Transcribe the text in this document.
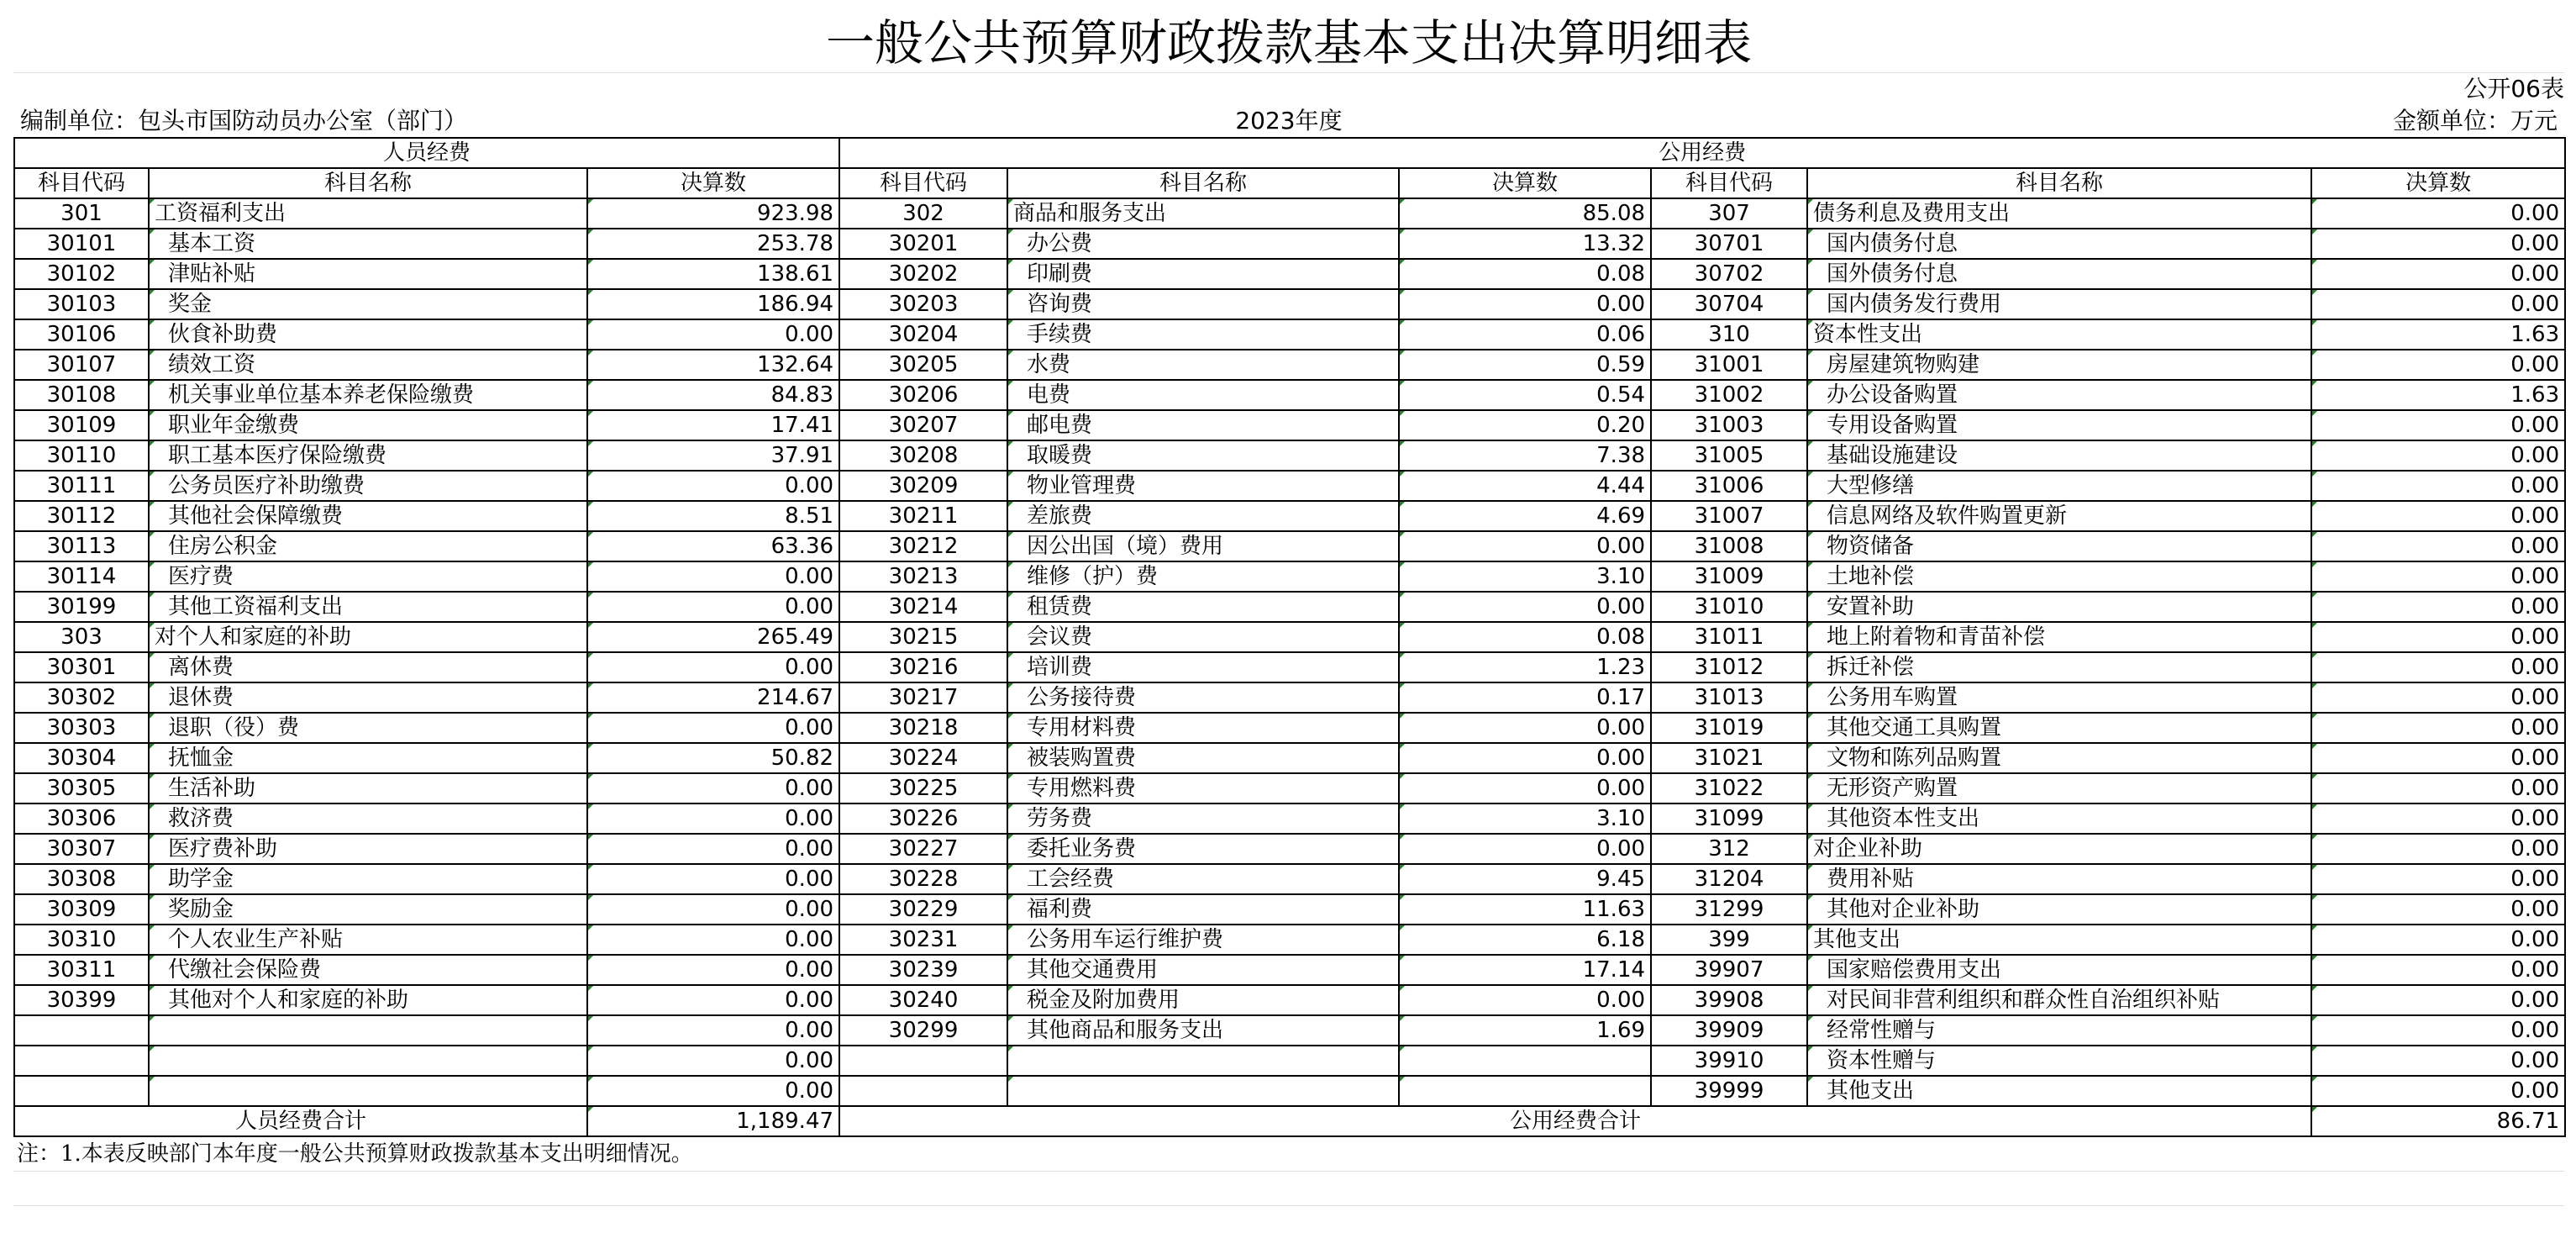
一般公共预算财政拨款基本支出决算明细表
公开06表
编制单位：包头市国防动员办公室（部门）	2023年度	金额单位：万元
人员经费			公用经费					
科目代码	科目名称	决算数	科目代码	科目名称	决算数	科目代码	科目名称	决算数
301	工资福利支出	923.98	302	商品和服务支出	85.08	307	债务利息及费用支出	0.00
30101	基本工资	253.78	30201	办公费	13.32	30701	国内债务付息	0.00
30102	津贴补贴	138.61	30202	印刷费	0.08	30702	国外债务付息	0.00
30103	奖金	186.94	30203	咨询费	0.00	30704	国内债务发行费用	0.00
30106	伙食补助费	0.00	30204	手续费	0.06	310	资本性支出	1.63
30107	绩效工资	132.64	30205	水费	0.59	31001	房屋建筑物购建	0.00
30108	机关事业单位基本养老保险缴费	84.83	30206	电费	0.54	31002	办公设备购置	1.63
30109	职业年金缴费	17.41	30207	邮电费	0.20	31003	专用设备购置	0.00
30110	职工基本医疗保险缴费	37.91	30208	取暖费	7.38	31005	基础设施建设	0.00
30111	公务员医疗补助缴费	0.00	30209	物业管理费	4.44	31006	大型修缮	0.00
30112	其他社会保障缴费	8.51	30211	差旅费	4.69	31007	信息网络及软件购置更新	0.00
30113	住房公积金	63.36	30212	因公出国（境）费用	0.00	31008	物资储备	0.00
30114	医疗费	0.00	30213	维修（护）费	3.10	31009	土地补偿	0.00
30199	其他工资福利支出	0.00	30214	租赁费	0.00	31010	安置补助	0.00
303	对个人和家庭的补助	265.49	30215	会议费	0.08	31011	地上附着物和青苗补偿	0.00
30301	离休费	0.00	30216	培训费	1.23	31012	拆迁补偿	0.00
30302	退休费	214.67	30217	公务接待费	0.17	31013	公务用车购置	0.00
30303	退职（役）费	0.00	30218	专用材料费	0.00	31019	其他交通工具购置	0.00
30304	抚恤金	50.82	30224	被装购置费	0.00	31021	文物和陈列品购置	0.00
30305	生活补助	0.00	30225	专用燃料费	0.00	31022	无形资产购置	0.00
30306	救济费	0.00	30226	劳务费	3.10	31099	其他资本性支出	0.00
30307	医疗费补助	0.00	30227	委托业务费	0.00	312	对企业补助	0.00
30308	助学金	0.00	30228	工会经费	9.45	31204	费用补贴	0.00
30309	奖励金	0.00	30229	福利费	11.63	31299	其他对企业补助	0.00
30310	个人农业生产补贴	0.00	30231	公务用车运行维护费	6.18	399	其他支出	0.00
30311	代缴社会保险费	0.00	30239	其他交通费用	17.14	39907	国家赔偿费用支出	0.00
30399	其他对个人和家庭的补助	0.00	30240	税金及附加费用	0.00	39908	对民间非营利组织和群众性自治组织补贴	0.00
		0.00	30299	其他商品和服务支出	1.69	39909	经常性赠与	0.00
		0.00				39910	资本性赠与	0.00
		0.00				39999	其他支出	0.00
人员经费合计		1,189.47	公用经费合计					86.71
注：1.本表反映部门本年度一般公共预算财政拨款基本支出明细情况。
